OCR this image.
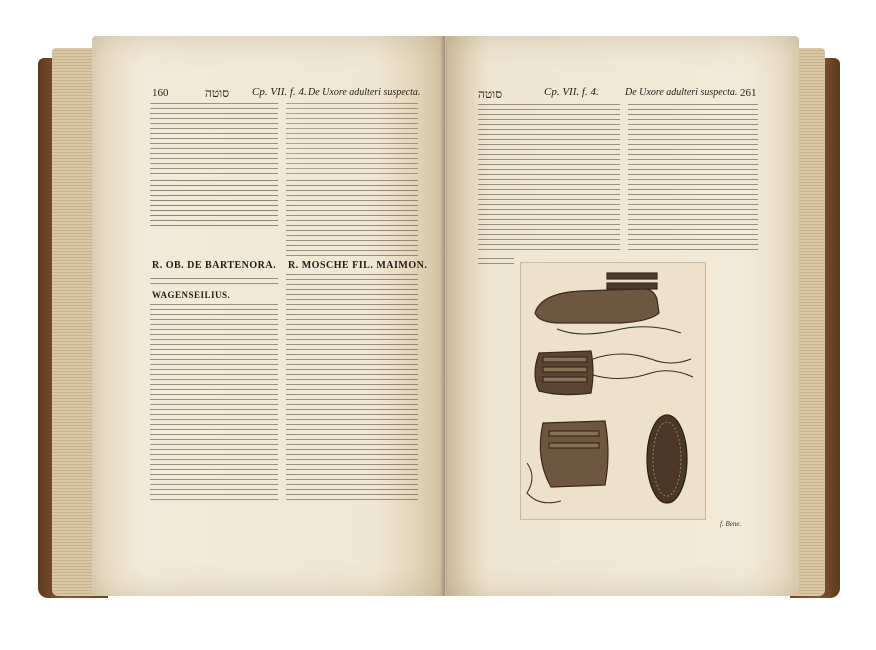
160	סוטה Cp. VII. f. 4. De Uxore adulteri suspecta.
R. OB. DE BARTENORA. R. MOSCHE FIL. MAIMON.
WAGENSEILIUS.
סוטה	Cp. VII. f. 4.	De Uxore adulteri suspecta. 261
f. Bene.
